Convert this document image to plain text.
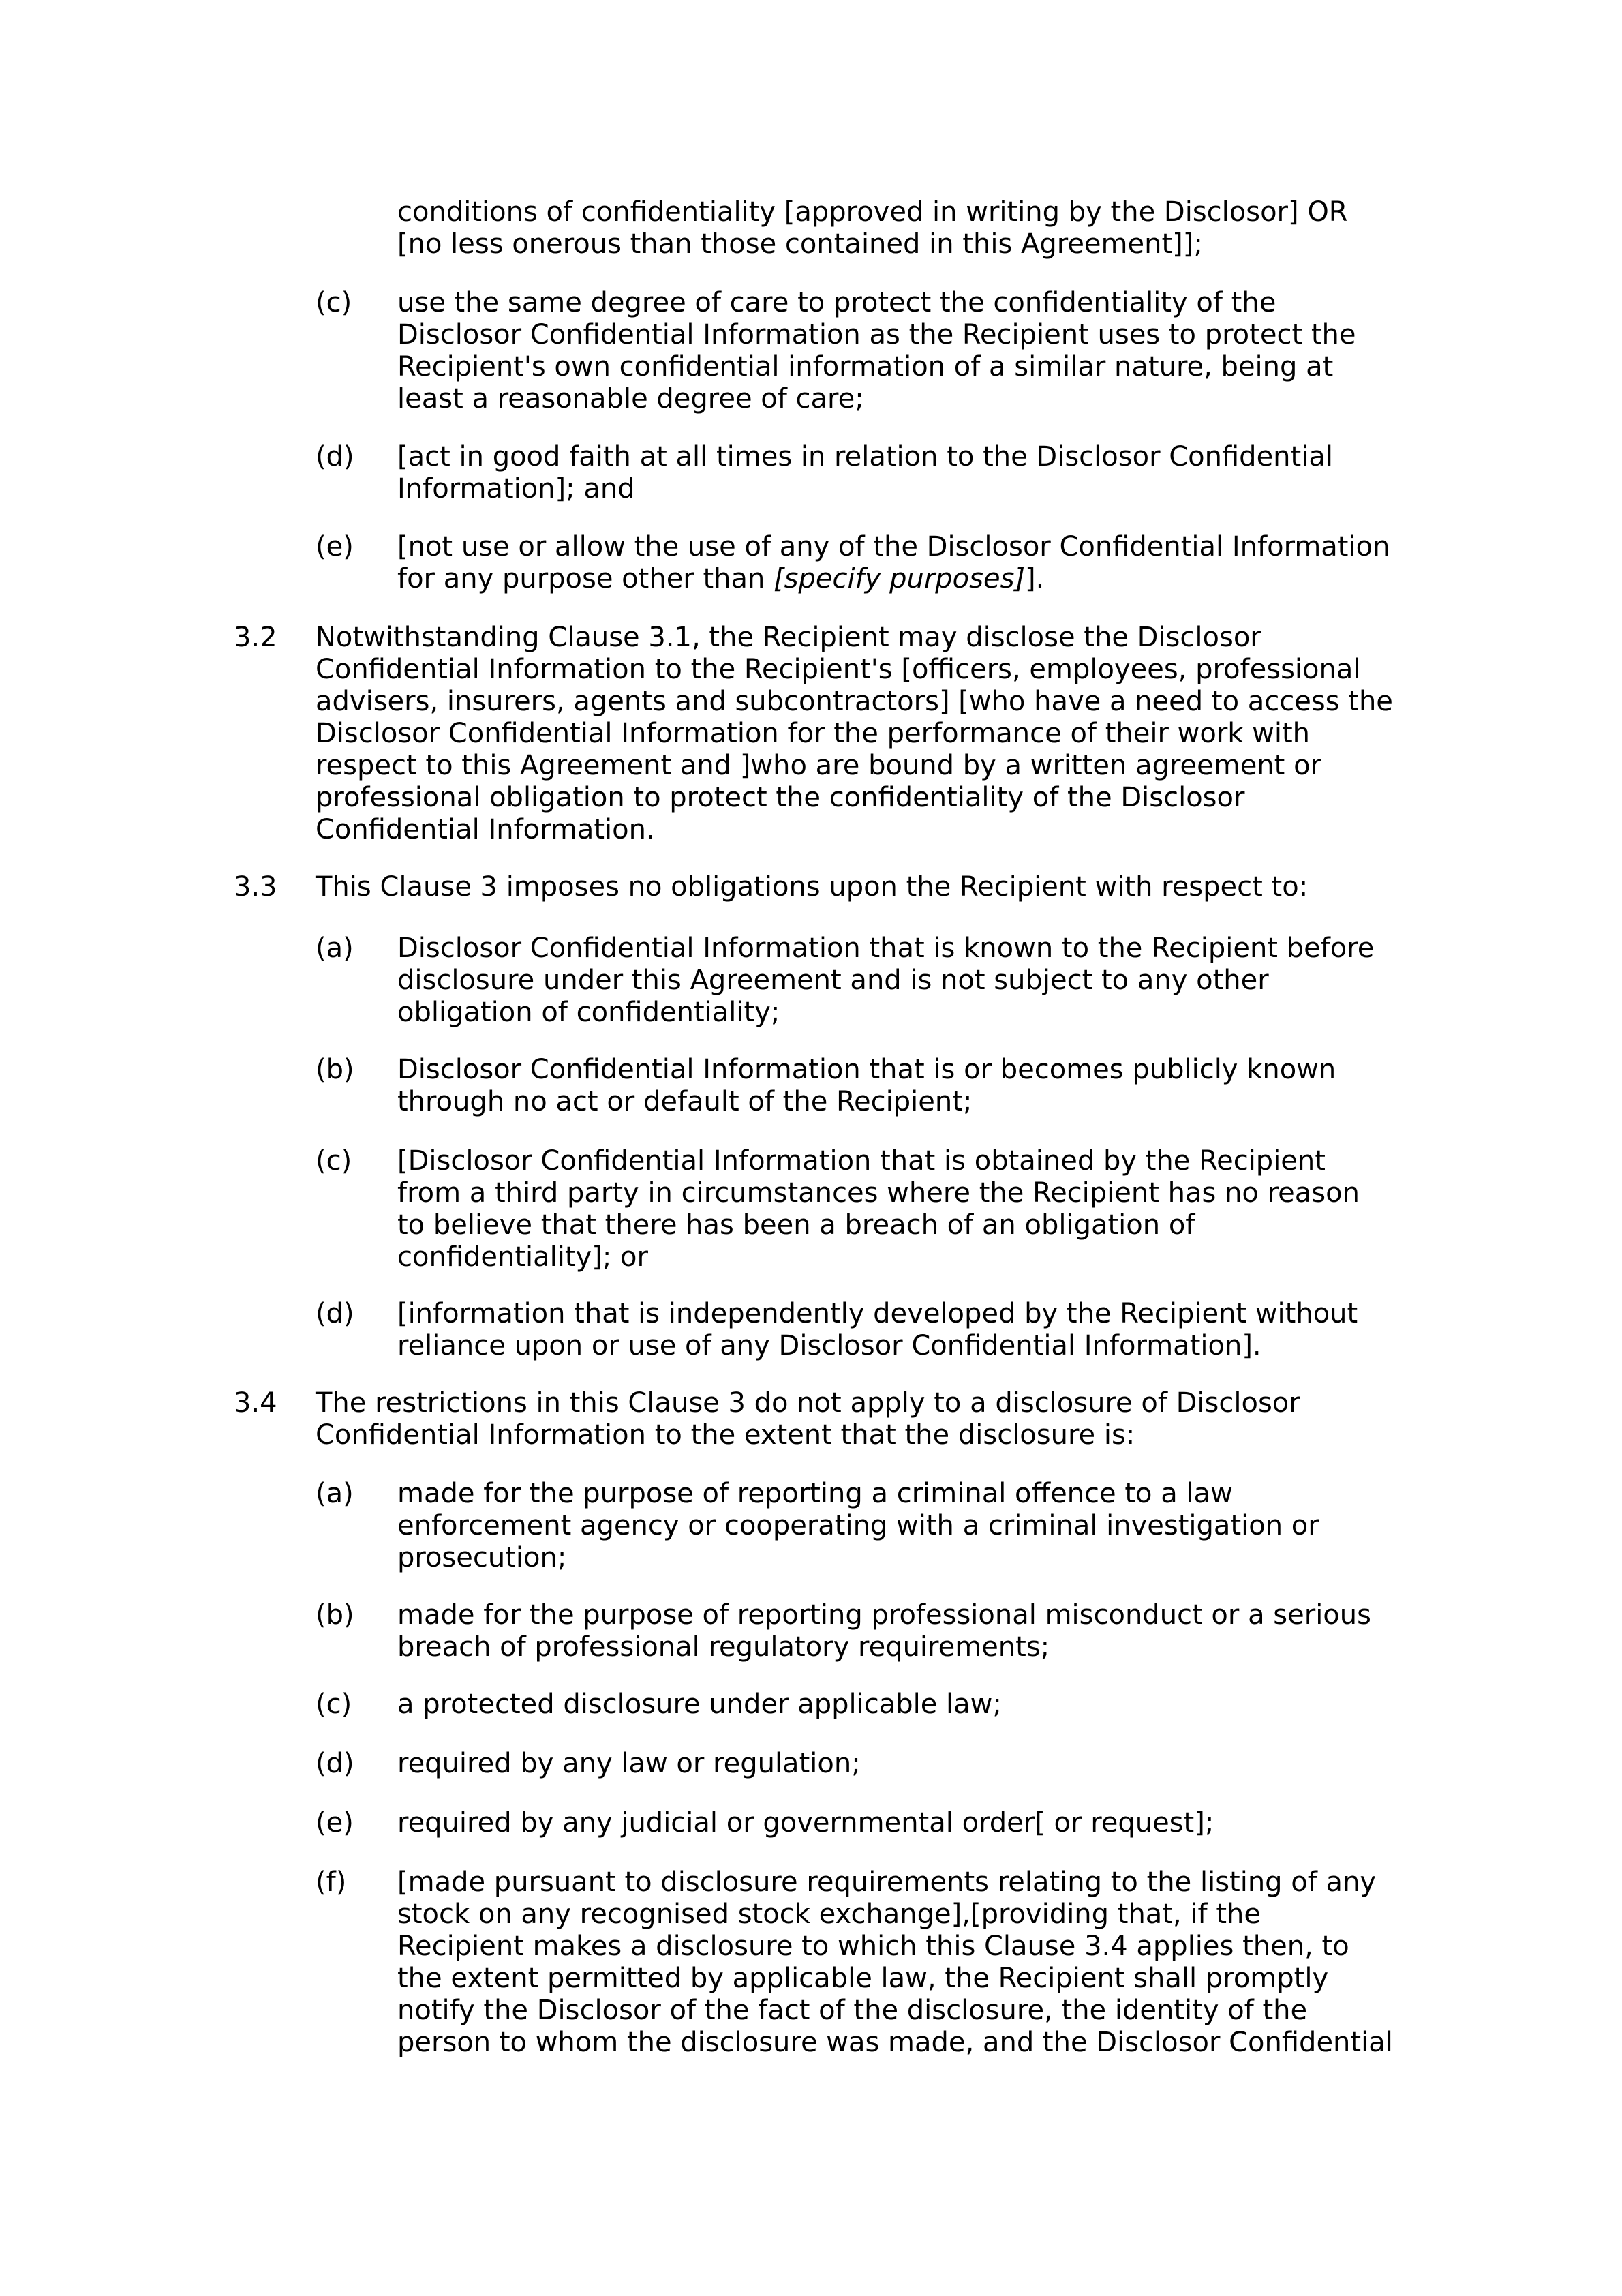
conditions of confidentiality [approved in writing by the Disclosor] OR
[no less onerous than those contained in this Agreement]];
(c) use the same degree of care to protect the confidentiality of the
Disclosor Confidential Information as the Recipient uses to protect the
Recipient's own confidential information of a similar nature, being at
least a reasonable degree of care;
(d) [act in good faith at all times in relation to the Disclosor Confidential
Information]; and
(e) [not use or allow the use of any of the Disclosor Confidential Information
for any purpose other than [specify purposes]].
3.2 Notwithstanding Clause 3.1, the Recipient may disclose the Disclosor
Confidential Information to the Recipient's [officers, employees, professional
advisers, insurers, agents and subcontractors] [who have a need to access the
Disclosor Confidential Information for the performance of their work with
respect to this Agreement and ]who are bound by a written agreement or
professional obligation to protect the confidentiality of the Disclosor
Confidential Information.
3.3 This Clause 3 imposes no obligations upon the Recipient with respect to:
(a) Disclosor Confidential Information that is known to the Recipient before
disclosure under this Agreement and is not subject to any other
obligation of confidentiality;
(b) Disclosor Confidential Information that is or becomes publicly known
through no act or default of the Recipient;
(c) [Disclosor Confidential Information that is obtained by the Recipient
from a third party in circumstances where the Recipient has no reason
to believe that there has been a breach of an obligation of
confidentiality]; or
(d) [information that is independently developed by the Recipient without
reliance upon or use of any Disclosor Confidential Information].
3.4 The restrictions in this Clause 3 do not apply to a disclosure of Disclosor
Confidential Information to the extent that the disclosure is:
(a) made for the purpose of reporting a criminal offence to a law
enforcement agency or cooperating with a criminal investigation or
prosecution;
(b) made for the purpose of reporting professional misconduct or a serious
breach of professional regulatory requirements;
(c) a protected disclosure under applicable law;
(d) required by any law or regulation;
(e) required by any judicial or governmental order[ or request];
(f) [made pursuant to disclosure requirements relating to the listing of any
stock on any recognised stock exchange],[providing that, if the
Recipient makes a disclosure to which this Clause 3.4 applies then, to
the extent permitted by applicable law, the Recipient shall promptly
notify the Disclosor of the fact of the disclosure, the identity of the
person to whom the disclosure was made, and the Disclosor Confidential
